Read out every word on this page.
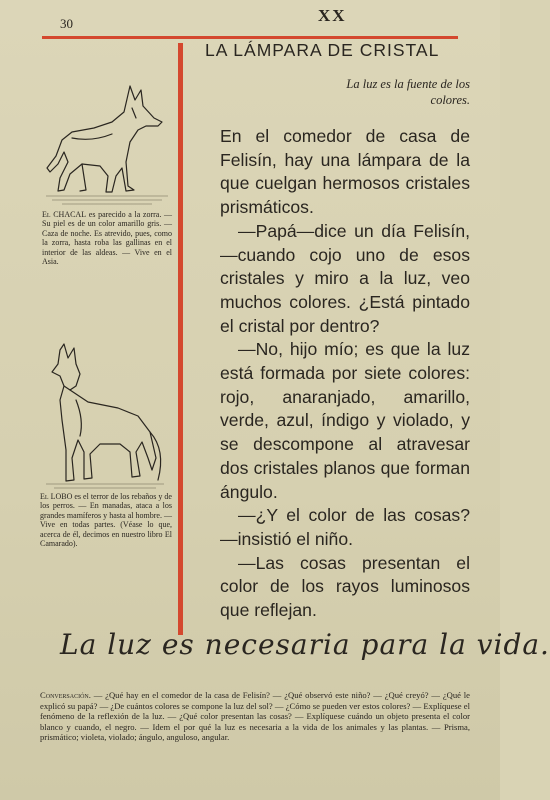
30	XX
LA LÁMPARA DE CRISTAL
La luz es la fuente de los colores.

En el comedor de casa de Felisín, hay una lámpara de la que cuelgan hermosos cristales prismáticos.

—Papá—dice un día Felisín, —cuando cojo uno de esos cristales y miro a la luz, veo muchos colores. ¿Está pintado el cristal por dentro?

—No, hijo mío; es que la luz está formada por siete colores: rojo, anaranjado, amarillo, verde, azul, índigo y violado, y se descompone al atravesar dos cristales planos que forman ángulo.

—¿Y el color de las cosas? —insistió el niño.

—Las cosas presentan el color de los rayos luminosos que reflejan.

El CHACAL es parecido a la zorra. — Su piel es de un color amarillo gris. — Caza de noche. Es atrevido, pues, como la zorra, hasta roba las gallinas en el interior de las aldeas. — Vive en el Asia.
El LOBO es el terror de los rebaños y de los perros. — En manadas, ataca a los grandes mamíferos y hasta al hombre. — Vive en todas partes. (Véase lo que, acerca de él, decimos en nuestro libro El Camarado).
La luz es necesaria para la vida.
Conversación. — ¿Qué hay en el comedor de la casa de Felisín? — ¿Qué observó este niño? — ¿Qué creyó? — ¿Qué le explicó su papá? — ¿De cuántos colores se compone la luz del sol? — ¿Cómo se pueden ver estos colores? — Explíquese el fenómeno de la reflexión de la luz. — ¿Qué color presentan las cosas? — Explíquese cuándo un objeto presenta el color blanco y cuando, el negro. — Idem el por qué la luz es necesaria a la vida de los animales y las plantas. — Prisma, prismático; violeta, violado; ángulo, anguloso, angular.
